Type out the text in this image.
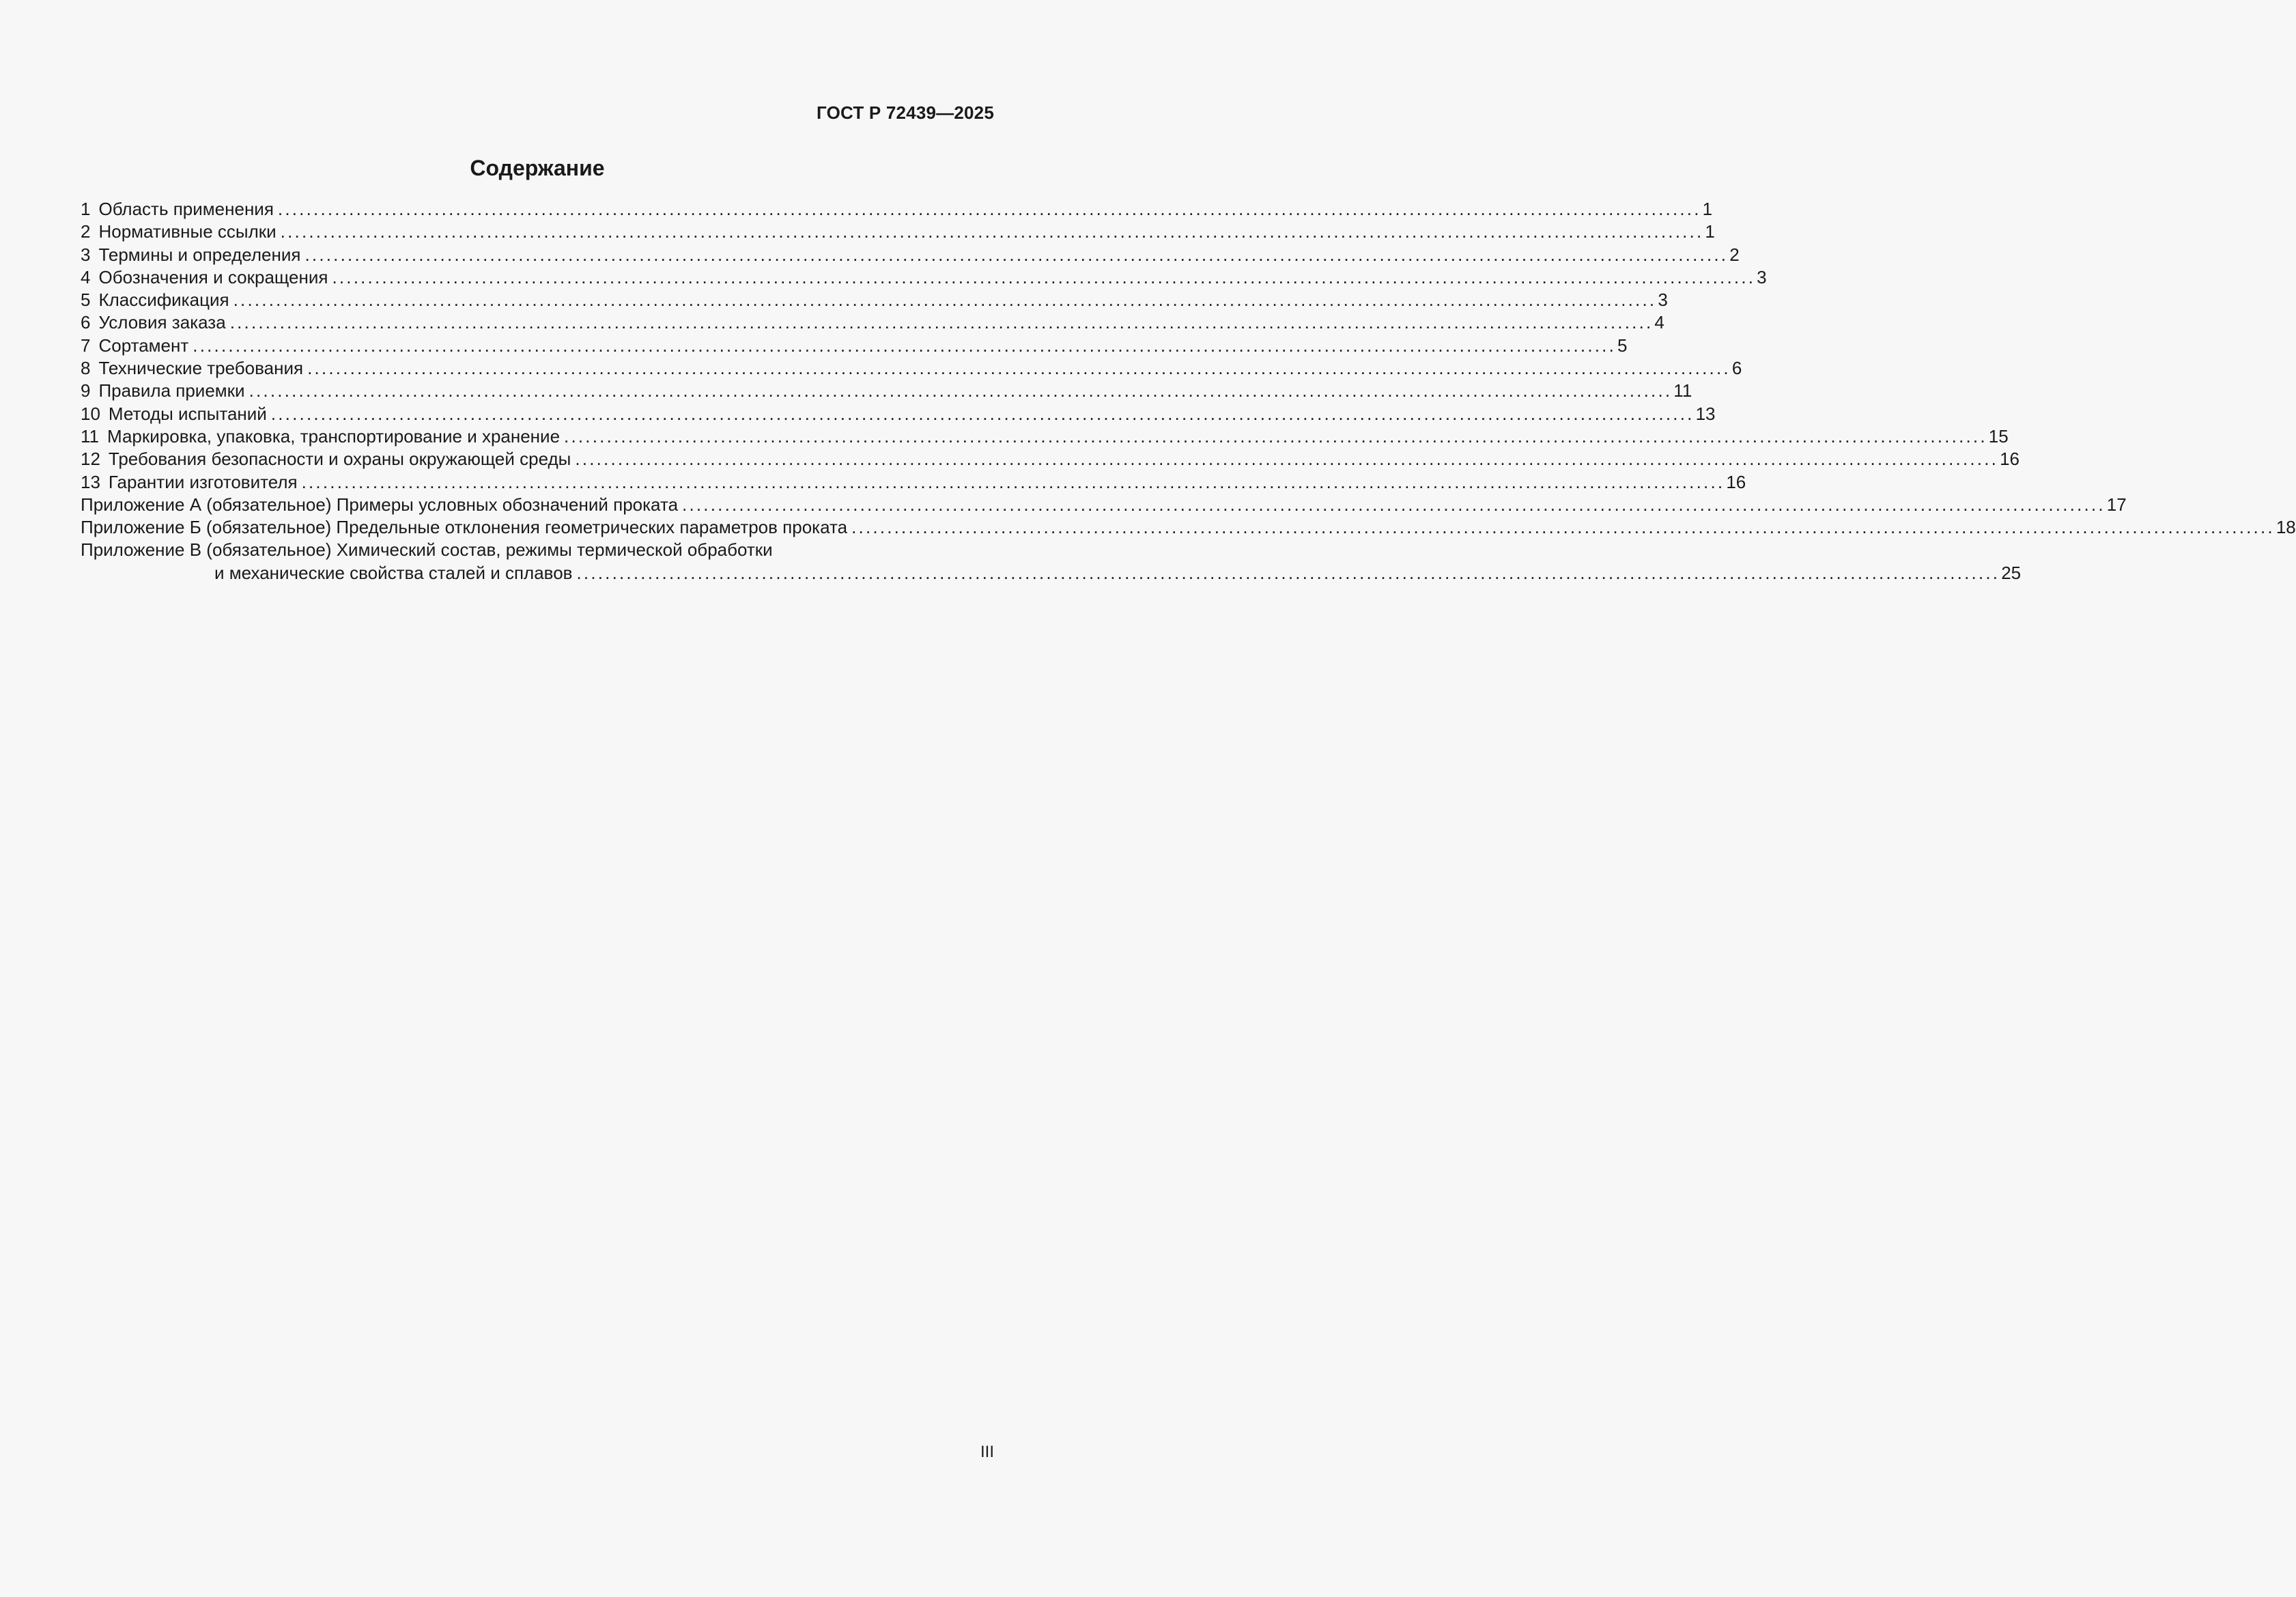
ГОСТ Р 72439—2025
Содержание
1 Область применения ........................................................................................................................................................................................................ 1
2 Нормативные ссылки ........................................................................................................................................................................................................ 1
3 Термины и определения ........................................................................................................................................................................................................ 2
4 Обозначения и сокращения ........................................................................................................................................................................................................ 3
5 Классификация ........................................................................................................................................................................................................ 3
6 Условия заказа ........................................................................................................................................................................................................ 4
7 Сортамент ........................................................................................................................................................................................................ 5
8 Технические требования ........................................................................................................................................................................................................ 6
9 Правила приемки ........................................................................................................................................................................................................ 11
10 Методы испытаний ........................................................................................................................................................................................................ 13
11 Маркировка, упаковка, транспортирование и хранение ........................................................................................................................................................................................................ 15
12 Требования безопасности и охраны окружающей среды ........................................................................................................................................................................................................ 16
13 Гарантии изготовителя ........................................................................................................................................................................................................ 16
Приложение А (обязательное) Примеры условных обозначений проката ........................................................................................................................................................................................................ 17
Приложение Б (обязательное) Предельные отклонения геометрических параметров проката ........................................................................................................................................................................................................ 18
Приложение В (обязательное) Химический состав, режимы термической обработки
и механические свойства сталей и сплавов ........................................................................................................................................................................................................ 25
III
